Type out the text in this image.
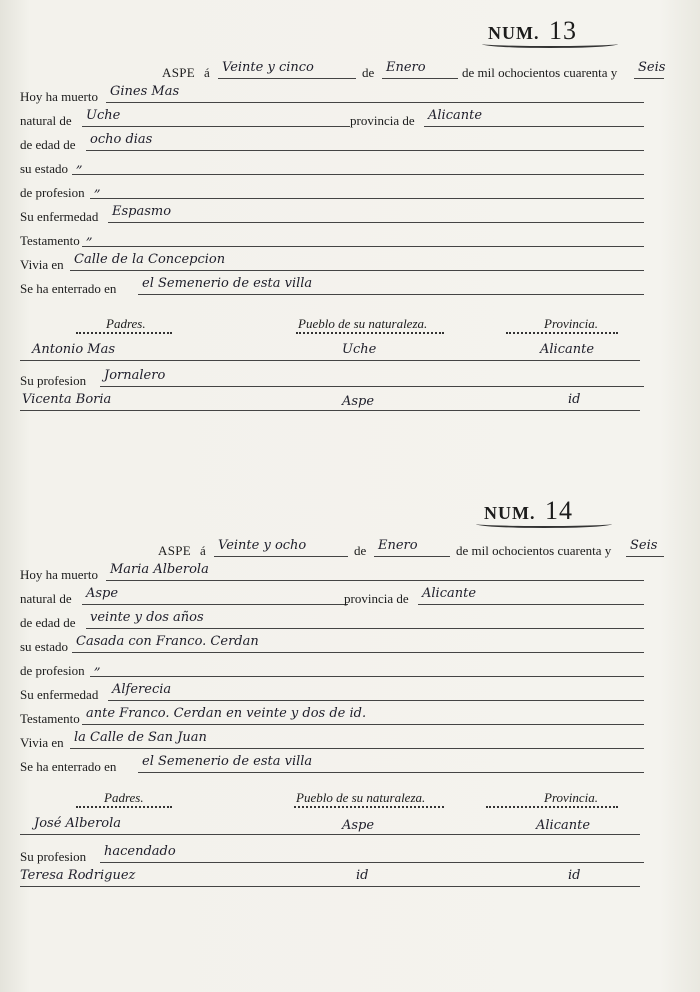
NUM. 13
ASPE á Veinte y cinco	de Enero	de mil ochocientos cuarenta y	Seis
Hoy ha muerto Gines Mas
natural de	Uche	provincia de	Alicante
de edad de	ocho dias
su estado „
de profesion „
Su enfermedad	Espasmo
Testamento „
Vivia en Calle de la Concepcion
Se ha enterrado en	el Semenerio de esta villa
Padres.	Pueblo de su naturaleza.	Provincia.
Antonio Mas	Uche	Alicante
Su profesion	Jornalero
Vicenta Boria	Aspe	id
NUM. 14
ASPE á Veinte y ocho	de Enero	de mil ochocientos cuarenta y	Seis
Hoy ha muerto Maria Alberola
natural de	Aspe	provincia de	Alicante
de edad de	veinte y dos años
su estado Casada con Franco. Cerdan
de profesion „
Su enfermedad	Alferecia
Testamento ante Franco. Cerdan en veinte y dos de id.
Vivia en la Calle de San Juan
Se ha enterrado en	el Semenerio de esta villa
Padres.	Pueblo de su naturaleza.	Provincia.
José Alberola	Aspe	Alicante
Su profesion	hacendado
Teresa Rodriguez	id	id
